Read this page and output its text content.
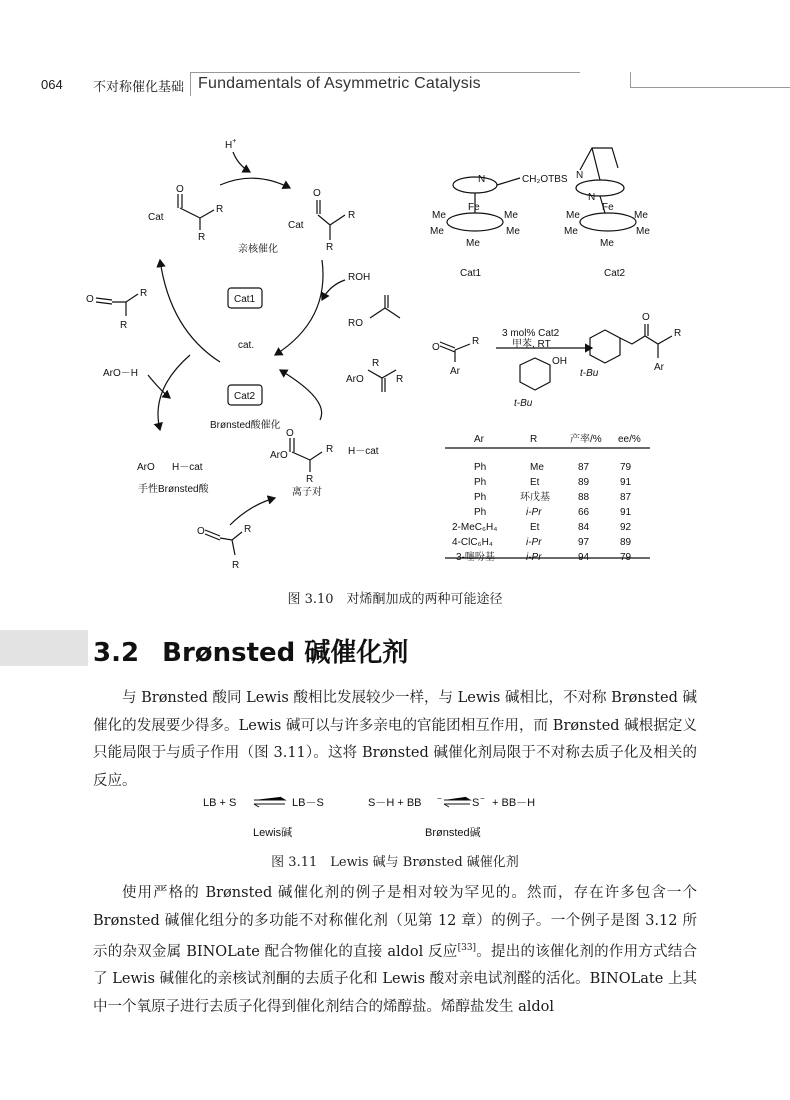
064 不对称催化基础 Fundamentals of Asymmetric Catalysis
H+
O
Cat
R
R
O
Cat
R
R
亲核催化
Cat1
Cat2
cat.
ROH
O
R
R	RO
ArO－H
ArO
R
R
Brønsted酸催化
ArO H－cat
手性Brønsted酸
O
ArO
R H－cat
R
离子对
O	R
R
CH₂OTBS
N
Fe
Me	Me
Me	Me
Me
Cat1
N
N
Fe
Me	Me
Me	Me
Me
Cat2
3 mol% Cat2
甲苯, RT
O
R
Ar
OH
t-Bu
t-Bu
O
R
Ar
Ar	R	产率/% ee/%
Ph	Me	87	79
Ph	Et	89	91
Ph	环戊基	88	87
Ph	i-Pr	66	91
2-MeC₆H₄	Et	84	92
4-ClC₆H₄	i-Pr	97	89
3-噻吩基	i-Pr	94	79
图 3.10　对烯酮加成的两种可能途径
3.2 Brønsted 碱催化剂
与 Brønsted 酸同 Lewis 酸相比发展较少一样，与 Lewis 碱相比，不对称 Brønsted 碱催化的发展要少得多。Lewis 碱可以与许多亲电的官能团相互作用，而 Brønsted 碱根据定义只能局限于与质子作用（图 3.11）。这将 Brønsted 碱催化剂局限于不对称去质子化及相关的反应。
LB + S	LB－S	S－H + BB −	S − + BB－H
Lewis碱	Brønsted碱
图 3.11　Lewis 碱与 Brønsted 碱催化剂
使用严格的 Brønsted 碱催化剂的例子是相对较为罕见的。然而，存在许多包含一个 Brønsted 碱催化组分的多功能不对称催化剂（见第 12 章）的例子。一个例子是图 3.12 所示的杂双金属 BINOLate 配合物催化的直接 aldol 反应[33]。提出的该催化剂的作用方式结合了 Lewis 碱催化的亲核试剂酮的去质子化和 Lewis 酸对亲电试剂醛的活化。BINOLate 上其中一个氧原子进行去质子化得到催化剂结合的烯醇盐。烯醇盐发生 aldol
